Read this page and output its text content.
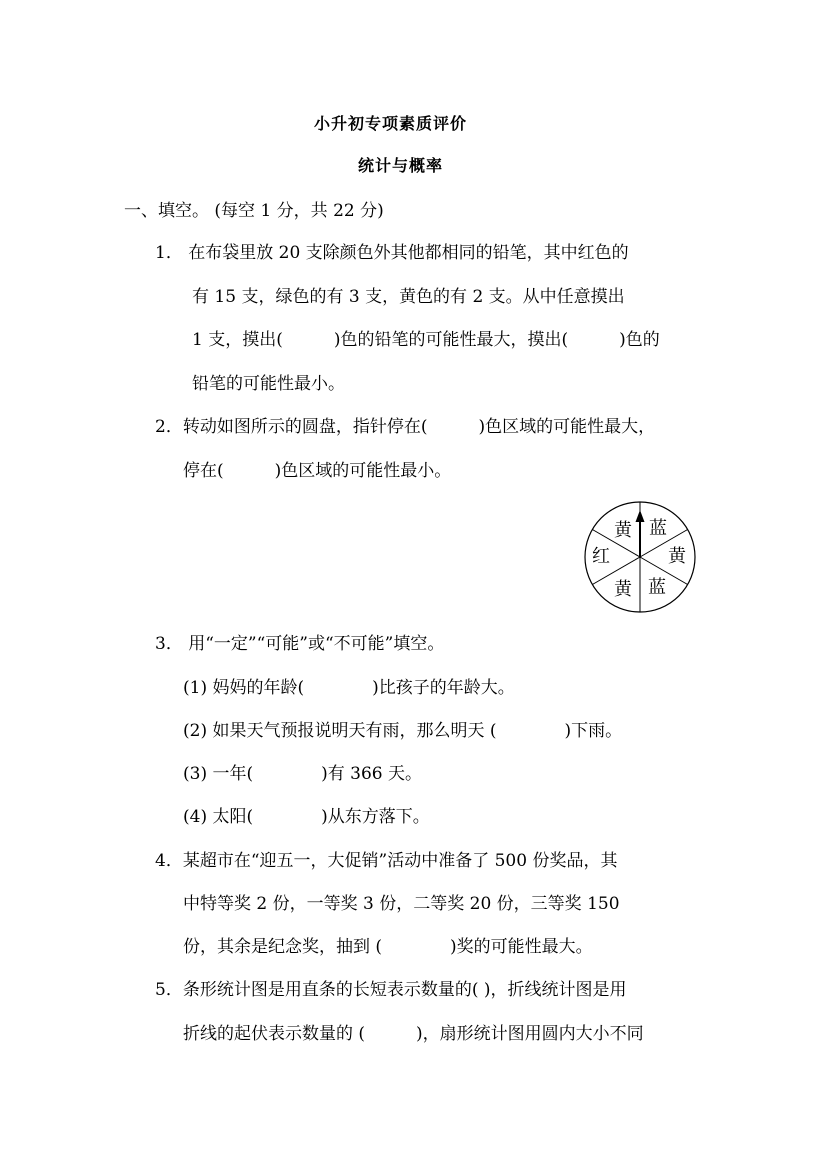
小升初专项素质评价
统计与概率
一、填空。 (每空 1 分，共 22 分)
1． 在布袋里放 20 支除颜色外其他都相同的铅笔，其中红色的
有 15 支，绿色的有 3 支，黄色的有 2 支。从中任意摸出
1 支，摸出(　　　)色的铅笔的可能性最大，摸出(　　　)色的
铅笔的可能性最小。
2．转动如图所示的圆盘，指针停在(　　　)色区域的可能性最大，
停在(　　　)色区域的可能性最小。
黄 蓝
黄
蓝
黄
红
3． 用“一定”“可能”或“不可能”填空。
(1) 妈妈的年龄(　　　　)比孩子的年龄大。
(2) 如果天气预报说明天有雨，那么明天 (　　　　)下雨。
(3) 一年(　　　　)有 366 天。
(4) 太阳(　　　　)从东方落下。
4．某超市在“迎五一，大促销”活动中准备了 500 份奖品，其
中特等奖 2 份，一等奖 3 份，二等奖 20 份，三等奖 150
份，其余是纪念奖，抽到 (　　　　)奖的可能性最大。
5．条形统计图是用直条的长短表示数量的( )，折线统计图是用
折线的起伏表示数量的 (　　　)，扇形统计图用圆内大小不同
